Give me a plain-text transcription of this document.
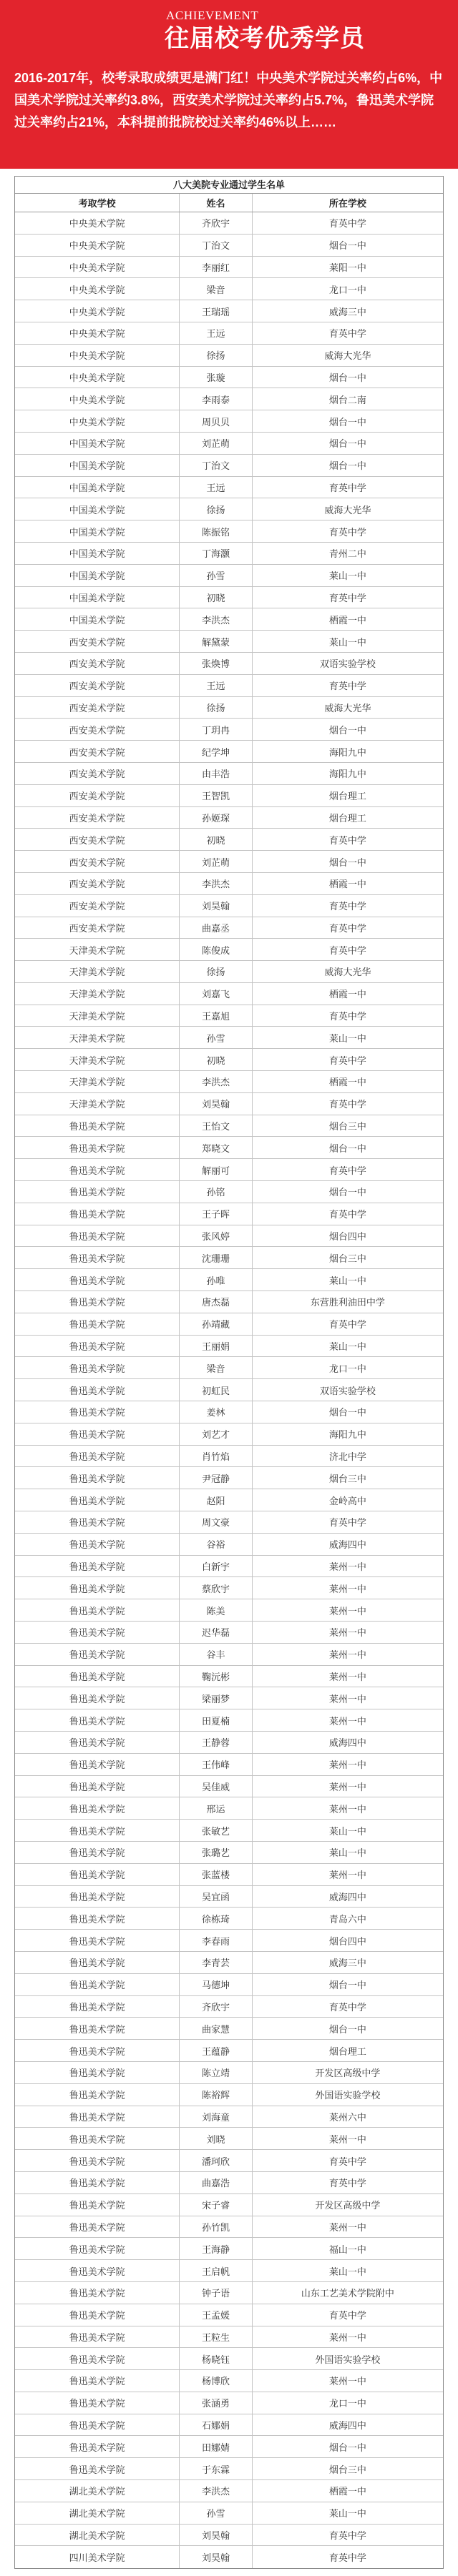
ACHIEVEMENT
往届校考优秀学员
2016-2017年，校考录取成绩更是满门红！中央美术学院过关率约占6%，中国美术学院过关率约3.8%，西安美术学院过关率约占5.7%，鲁迅美术学院过关率约占21%，本科提前批院校过关率约46%以上……
八大美院专业通过学生名单
考取学校	姓名	所在学校
中央美术学院	齐欣宇	育英中学
中央美术学院	丁治文	烟台一中
中央美术学院	李丽红	莱阳一中
中央美术学院	梁音	龙口一中
中央美术学院	王瑞瑶	威海三中
中央美术学院	王远	育英中学
中央美术学院	徐扬	威海大光华
中央美术学院	张璇	烟台一中
中央美术学院	李雨泰	烟台二南
中央美术学院	周贝贝	烟台一中
中国美术学院	刘芷萌	烟台一中
中国美术学院	丁治文	烟台一中
中国美术学院	王远	育英中学
中国美术学院	徐扬	威海大光华
中国美术学院	陈振铭	育英中学
中国美术学院	丁海灏	青州二中
中国美术学院	孙雪	莱山一中
中国美术学院	初晓	育英中学
中国美术学院	李洪杰	栖霞一中
西安美术学院	解黛蒙	莱山一中
西安美术学院	张焕博	双语实验学校
西安美术学院	王远	育英中学
西安美术学院	徐扬	威海大光华
西安美术学院	丁玥冉	烟台一中
西安美术学院	纪学坤	海阳九中
西安美术学院	由丰浩	海阳九中
西安美术学院	王智凯	烟台理工
西安美术学院	孙姬琛	烟台理工
西安美术学院	初晓	育英中学
西安美术学院	刘芷萌	烟台一中
西安美术学院	李洪杰	栖霞一中
西安美术学院	刘昊翰	育英中学
西安美术学院	曲嘉丞	育英中学
天津美术学院	陈俊成	育英中学
天津美术学院	徐扬	威海大光华
天津美术学院	刘嘉飞	栖霞一中
天津美术学院	王嘉旭	育英中学
天津美术学院	孙雪	莱山一中
天津美术学院	初晓	育英中学
天津美术学院	李洪杰	栖霞一中
天津美术学院	刘昊翰	育英中学
鲁迅美术学院	王怡文	烟台三中
鲁迅美术学院	郑晓文	烟台一中
鲁迅美术学院	解丽可	育英中学
鲁迅美术学院	孙铭	烟台一中
鲁迅美术学院	王子晖	育英中学
鲁迅美术学院	张风婷	烟台四中
鲁迅美术学院	沈珊珊	烟台三中
鲁迅美术学院	孙唯	莱山一中
鲁迅美术学院	唐杰磊	东营胜利油田中学
鲁迅美术学院	孙靖藏	育英中学
鲁迅美术学院	王丽娟	莱山一中
鲁迅美术学院	梁音	龙口一中
鲁迅美术学院	初虹民	双语实验学校
鲁迅美术学院	姜林	烟台一中
鲁迅美术学院	刘艺才	海阳九中
鲁迅美术学院	肖竹焰	济北中学
鲁迅美术学院	尹冠静	烟台三中
鲁迅美术学院	赵阳	金岭高中
鲁迅美术学院	周文豪	育英中学
鲁迅美术学院	谷裕	威海四中
鲁迅美术学院	白新宇	莱州一中
鲁迅美术学院	蔡欣宇	莱州一中
鲁迅美术学院	陈美	莱州一中
鲁迅美术学院	迟华磊	莱州一中
鲁迅美术学院	谷丰	莱州一中
鲁迅美术学院	鞠沅彬	莱州一中
鲁迅美术学院	梁丽梦	莱州一中
鲁迅美术学院	田夏楠	莱州一中
鲁迅美术学院	王静蓉	威海四中
鲁迅美术学院	王伟峰	莱州一中
鲁迅美术学院	吴佳威	莱州一中
鲁迅美术学院	邢运	莱州一中
鲁迅美术学院	张敏艺	莱山一中
鲁迅美术学院	张璐艺	莱山一中
鲁迅美术学院	张蓝楼	莱州一中
鲁迅美术学院	吴宜函	威海四中
鲁迅美术学院	徐栋琦	青岛六中
鲁迅美术学院	李春雨	烟台四中
鲁迅美术学院	李青芸	威海三中
鲁迅美术学院	马德坤	烟台一中
鲁迅美术学院	齐欣宇	育英中学
鲁迅美术学院	曲家慧	烟台一中
鲁迅美术学院	王蕴静	烟台理工
鲁迅美术学院	陈立靖	开发区高级中学
鲁迅美术学院	陈裕辉	外国语实验学校
鲁迅美术学院	刘海童	莱州六中
鲁迅美术学院	刘晓	莱州一中
鲁迅美术学院	潘珂欣	育英中学
鲁迅美术学院	曲嘉浩	育英中学
鲁迅美术学院	宋子睿	开发区高级中学
鲁迅美术学院	孙竹凯	莱州一中
鲁迅美术学院	王海静	福山一中
鲁迅美术学院	王启帆	莱山一中
鲁迅美术学院	钟子语	山东工艺美术学院附中
鲁迅美术学院	王孟媛	育英中学
鲁迅美术学院	王粒生	莱州一中
鲁迅美术学院	杨晓钰	外国语实验学校
鲁迅美术学院	杨博欣	莱州一中
鲁迅美术学院	张涵勇	龙口一中
鲁迅美术学院	石娜娟	威海四中
鲁迅美术学院	田娜婧	烟台一中
鲁迅美术学院	于东霖	烟台三中
湖北美术学院	李洪杰	栖霞一中
湖北美术学院	孙雪	莱山一中
湖北美术学院	刘昊翰	育英中学
四川美术学院	刘昊翰	育英中学
